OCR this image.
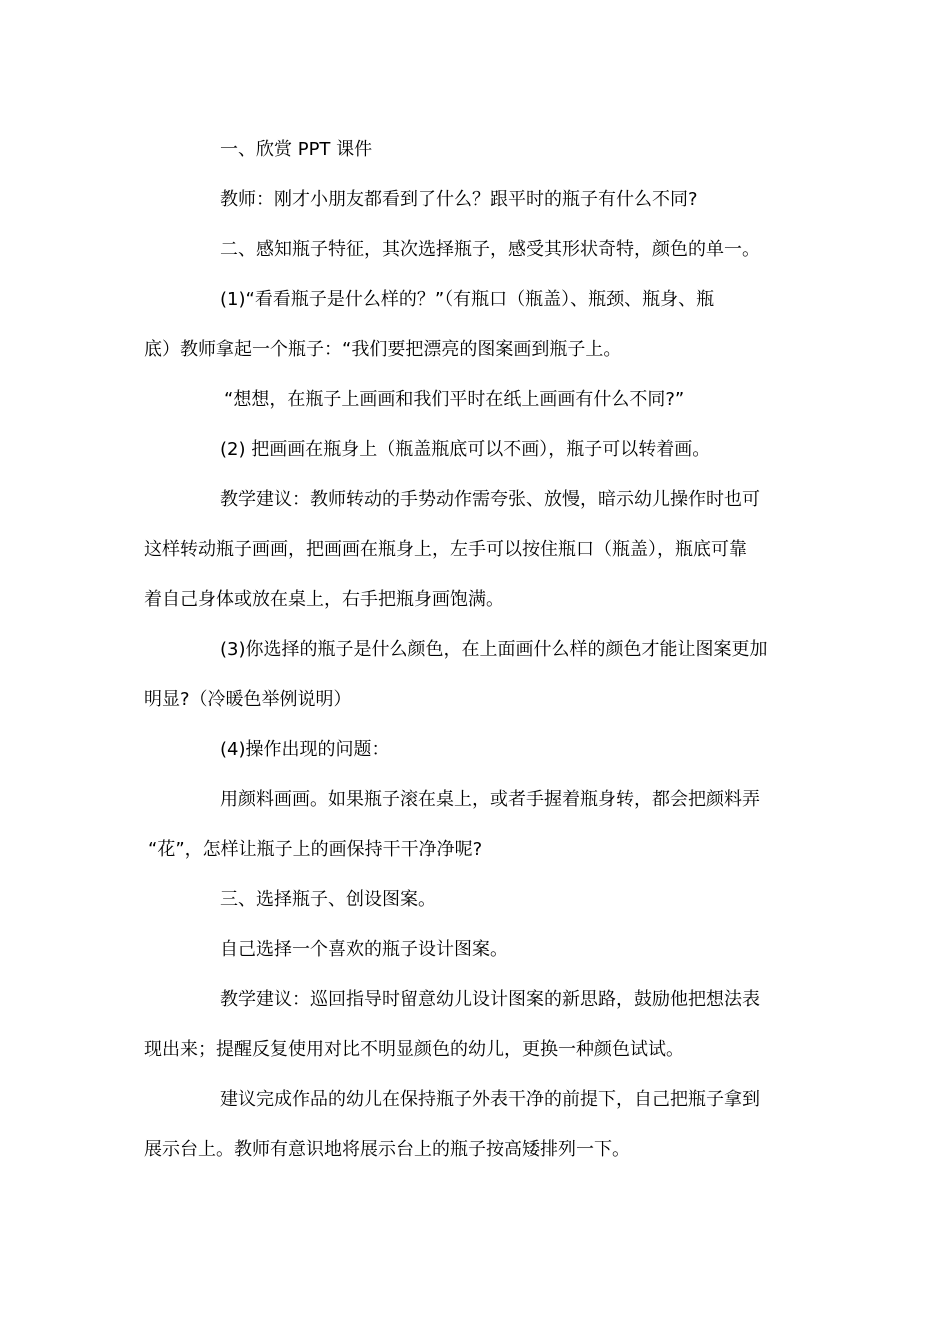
一、欣赏 PPT 课件

教师：刚才小朋友都看到了什么？跟平时的瓶子有什么不同?

二、感知瓶子特征，其次选择瓶子，感受其形状奇特，颜色的单一。

(1)“看看瓶子是什么样的？”（有瓶口（瓶盖）、瓶颈、瓶身、瓶

底）教师拿起一个瓶子：“我们要把漂亮的图案画到瓶子上。

“想想，在瓶子上画画和我们平时在纸上画画有什么不同?”

(2) 把画画在瓶身上（瓶盖瓶底可以不画），瓶子可以转着画。

教学建议：教师转动的手势动作需夸张、放慢，暗示幼儿操作时也可

这样转动瓶子画画，把画画在瓶身上，左手可以按住瓶口（瓶盖），瓶底可靠

着自己身体或放在桌上，右手把瓶身画饱满。

(3)你选择的瓶子是什么颜色，在上面画什么样的颜色才能让图案更加

明显?（冷暖色举例说明）

(4)操作出现的问题：

用颜料画画。如果瓶子滚在桌上，或者手握着瓶身转，都会把颜料弄

“花”，怎样让瓶子上的画保持干干净净呢?

三、选择瓶子、创设图案。

自己选择一个喜欢的瓶子设计图案。

教学建议：巡回指导时留意幼儿设计图案的新思路，鼓励他把想法表

现出来；提醒反复使用对比不明显颜色的幼儿，更换一种颜色试试。

建议完成作品的幼儿在保持瓶子外表干净的前提下，自己把瓶子拿到

展示台上。教师有意识地将展示台上的瓶子按高矮排列一下。
